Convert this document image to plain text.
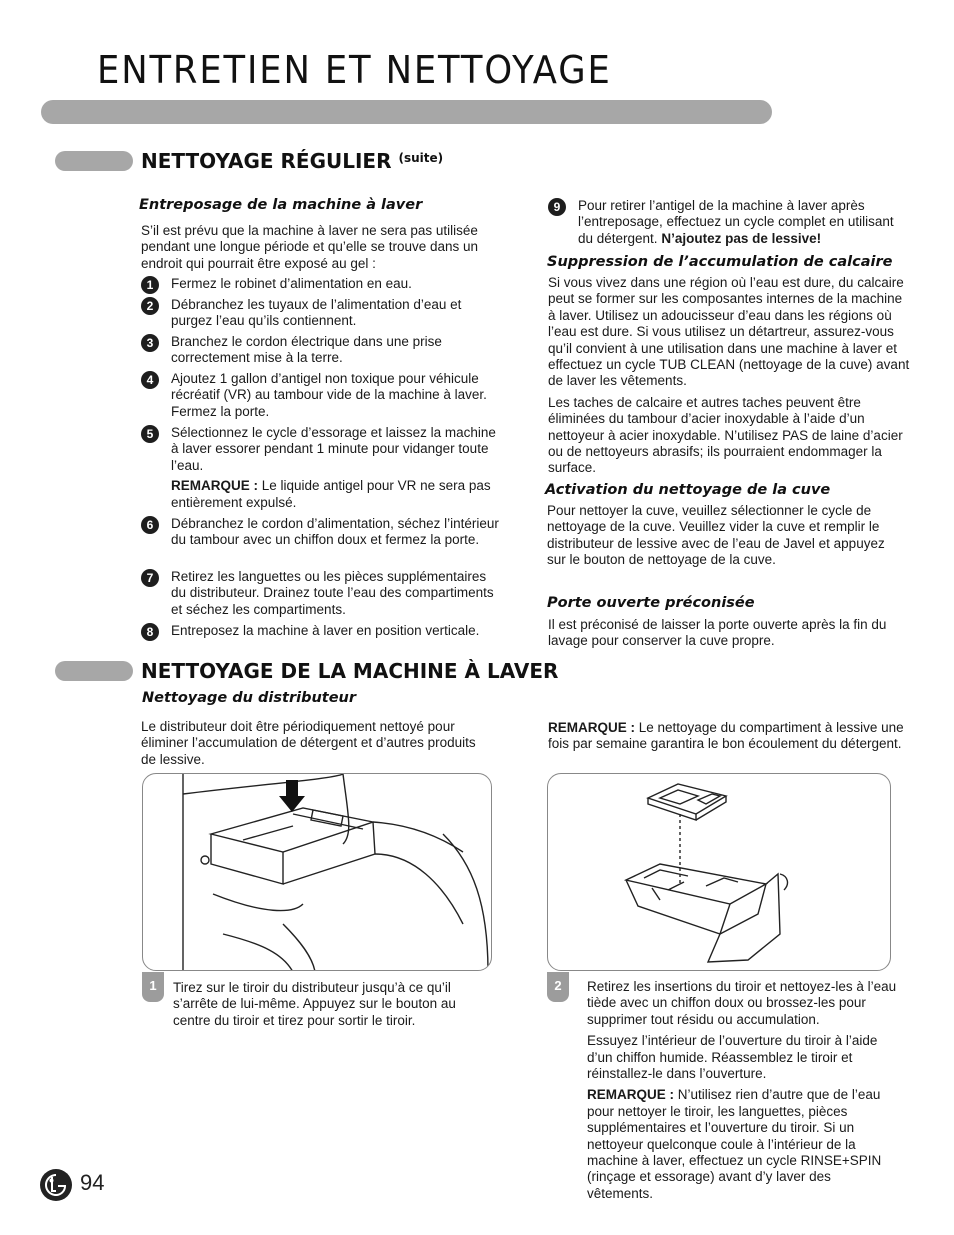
ENTRETIEN ET NETTOYAGE
NETTOYAGE RÉGULIER $^{(suite)}$
Entreposage de la machine à laver
S’il est prévu que la machine à laver ne sera pas utilisée pendant une longue période et qu’elle se trouve dans un endroit qui pourrait être exposé au gel :
1	Fermez le robinet d’alimentation en eau.
2	Débranchez les tuyaux de l’alimentation d’eau et purgez l’eau qu’ils contiennent.
3	Branchez le cordon électrique dans une prise correctement mise à la terre.
4	Ajoutez 1 gallon d’antigel non toxique pour véhicule récréatif (VR) au tambour vide de la machine à laver. Fermez la porte.
5	Sélectionnez le cycle d’essorage et laissez la machine à laver essorer pendant 1 minute pour vidanger toute l’eau.
REMARQUE : Le liquide antigel pour VR ne sera pas entièrement expulsé.
6	Débranchez le cordon d’alimentation, séchez l’intérieur du tambour avec un chiffon doux et fermez la porte.
7	Retirez les languettes ou les pièces supplémentaires du distributeur. Drainez toute l’eau des compartiments et séchez les compartiments.
8	Entreposez la machine à laver en position verticale.
9	Pour retirer l’antigel de la machine à laver après l’entreposage, effectuez un cycle complet en utilisant du détergent. N’ajoutez pas de lessive!
Suppression de l’accumulation de calcaire

Si vous vivez dans une région où l’eau est dure, du calcaire peut se former sur les composantes internes de la machine à laver. Utilisez un adoucisseur d’eau dans les régions où l’eau est dure. Si vous utilisez un détartreur, assurez-vous qu’il convient à une utilisation dans une machine à laver et effectuez un cycle TUB CLEAN (nettoyage de la cuve) avant de laver les vêtements.

Les taches de calcaire et autres taches peuvent être éliminées du tambour d’acier inoxydable à l’aide d’un nettoyeur à acier inoxydable. N’utilisez PAS de laine d’acier ou de nettoyeurs abrasifs; ils pourraient endommager la surface.

Activation du nettoyage de la cuve
Pour nettoyer la cuve, veuillez sélectionner le cycle de nettoyage de la cuve. Veuillez vider la cuve et remplir le distributeur de lessive avec de l’eau de Javel et appuyez sur le bouton de nettoyage de la cuve.
Porte ouverte préconisée
Il est préconisé de laisser la porte ouverte après la fin du lavage pour conserver la cuve propre.
NETTOYAGE DE LA MACHINE À LAVER
Nettoyage du distributeur
Le distributeur doit être périodiquement nettoyé pour éliminer l’accumulation de détergent et d’autres produits de lessive.
REMARQUE : Le nettoyage du compartiment à lessive une fois par semaine garantira le bon écoulement du détergent.
1	Tirez sur le tiroir du distributeur jusqu’à ce qu’il s’arrête de lui-même. Appuyez sur le bouton au centre du tiroir et tirez pour sortir le tiroir.
2	Retirez les insertions du tiroir et nettoyez-les à l’eau tiède avec un chiffon doux ou brossez-les pour supprimer tout résidu ou accumulation.

Essuyez l’intérieur de l’ouverture du tiroir à l’aide d’un chiffon humide. Réassemblez le tiroir et réinstallez-le dans l’ouverture.

REMARQUE : N’utilisez rien d’autre que de l’eau pour nettoyer le tiroir, les languettes, pièces supplémentaires et l’ouverture du tiroir. Si un nettoyeur quelconque coule à l’intérieur de la machine à laver, effectuez un cycle RINSE+SPIN (rinçage et essorage) avant d’y laver des vêtements.

94
